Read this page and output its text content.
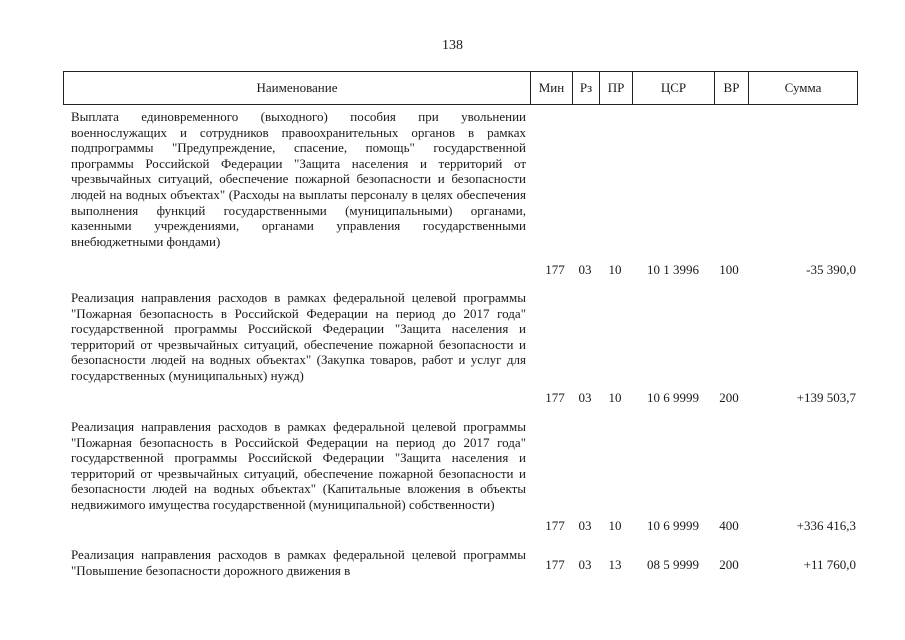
138
Наименование	Мин	Рз	ПР	ЦСР	ВР	Сумма
Выплата единовременного (выходного) пособия при увольнении военнослужащих и сотрудников правоохранительных органов в рамках подпрограммы "Предупреждение, спасение, помощь" государственной программы Российской Федерации "Защита населения и территорий от чрезвычайных ситуаций, обеспечение пожарной безопасности и безопасности людей на водных объектах" (Расходы на выплаты персоналу в целях обеспечения выполнения функций государственными (муниципальными) органами, казенными учреждениями, органами управления государственными внебюджетными фондами)
177	03	10	10 1 3996	100	-35 390,0
Реализация направления расходов в рамках федеральной целевой программы "Пожарная безопасность в Российской Федерации на период до 2017 года" государственной программы Российской Федерации "Защита населения и территорий от чрезвычайных ситуаций, обеспечение пожарной безопасности и безопасности людей на водных объектах" (Закупка товаров, работ и услуг для государственных (муниципальных) нужд)
177	03	10	10 6 9999	200	+139 503,7
Реализация направления расходов в рамках федеральной целевой программы "Пожарная безопасность в Российской Федерации на период до 2017 года" государственной программы Российской Федерации "Защита населения и территорий от чрезвычайных ситуаций, обеспечение пожарной безопасности и безопасности людей на водных объектах" (Капитальные вложения в объекты недвижимого имущества государственной (муниципальной) собственности)
177	03	10	10 6 9999	400	+336 416,3
Реализация направления расходов в рамках федеральной целевой программы "Повышение безопасности дорожного движения в	177	03	13	08 5 9999	200	+11 760,0
